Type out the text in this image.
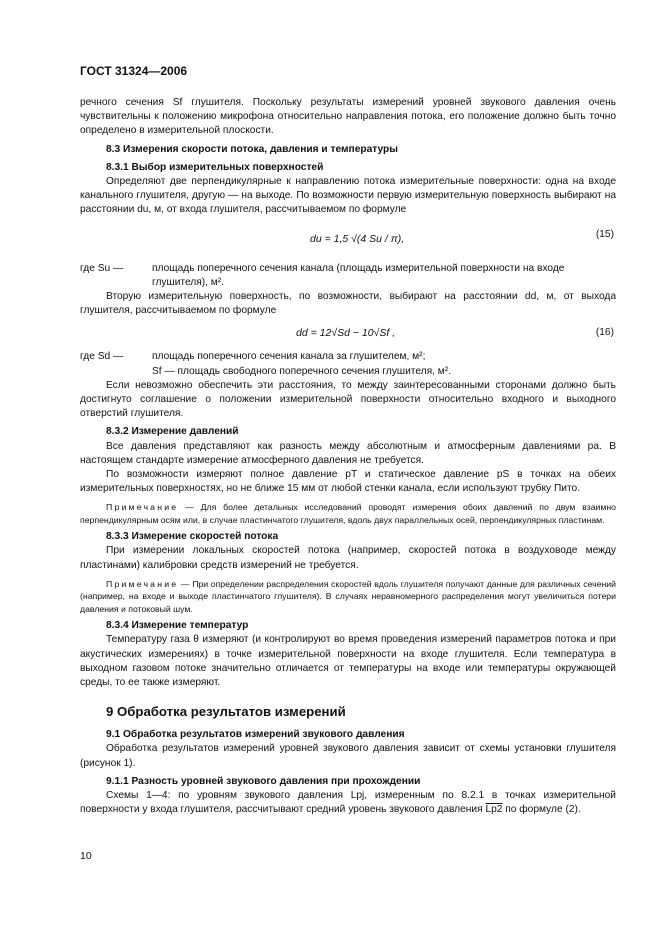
ГОСТ 31324—2006

речного сечения Sf глушителя. Поскольку результаты измерений уровней звукового давления очень чувствительны к положению микрофона относительно направления потока, его положение должно быть точно определено в измерительной плоскости.

8.3 Измерения скорости потока, давления и температуры

8.3.1 Выбор измерительных поверхностей

Определяют две перпендикулярные к направлению потока измерительные поверхности: одна на входе канального глушителя, другую — на выходе. По возможности первую измерительную поверхность выбирают на расстоянии du, м, от входа глушителя, рассчитываемом по формуле

du = 1,5 √(4 Su / π),	(15)
где Su —	площадь поперечного сечения канала (площадь измерительной поверхности на входе глушителя), м².

Вторую измерительную поверхность, по возможности, выбирают на расстоянии dd, м, от выхода глушителя, рассчитываемом по формуле

dd = 12√Sd − 10√Sf ,	(16)
где Sd —	площадь поперечного сечения канала за глушителем, м²;
Sf — площадь свободного поперечного сечения глушителя, м².

Если невозможно обеспечить эти расстояния, то между заинтересованными сторонами должно быть достигнуто соглашение о положении измерительной поверхности относительно входного и выходного отверстий глушителя.

8.3.2 Измерение давлений

Все давления представляют как разность между абсолютным и атмосферным давлениями pa. В настоящем стандарте измерение атмосферного давления не требуется.

По возможности измеряют полное давление pT и статическое давление pS в точках на обеих измерительных поверхностях, но не ближе 15 мм от любой стенки канала, если используют трубку Пито.

Примечание — Для более детальных исследований проводят измерения обоих давлений по двум взаимно перпендикулярным осям или, в случае пластинчатого глушителя, вдоль двух параллельных осей, перпендикулярных пластинам.

8.3.3 Измерение скоростей потока

При измерении локальных скоростей потока (например, скоростей потока в воздуховоде между пластинами) калибровки средств измерений не требуется.

Примечание — При определении распределения скоростей вдоль глушителя получают данные для различных сечений (например, на входе и выходе пластинчатого глушителя). В случаях неравномерного распределения могут увеличиться потери давления и потоковый шум.

8.3.4 Измерение температур

Температуру газа θ измеряют (и контролируют во время проведения измерений параметров потока и при акустических измерениях) в точке измерительной поверхности на входе глушителя. Если температура в выходном газовом потоке значительно отличается от температуры на входе или температуры окружающей среды, то ее также измеряют.

9 Обработка результатов измерений

9.1 Обработка результатов измерений звукового давления

Обработка результатов измерений уровней звукового давления зависит от схемы установки глушителя (рисунок 1).

9.1.1 Разность уровней звукового давления при прохождении

Схемы 1—4: по уровням звукового давления Lpj, измеренным по 8.2.1 в точках измерительной поверхности у входа глушителя, рассчитывают средний уровень звукового давления Lp2 по формуле (2).

10
